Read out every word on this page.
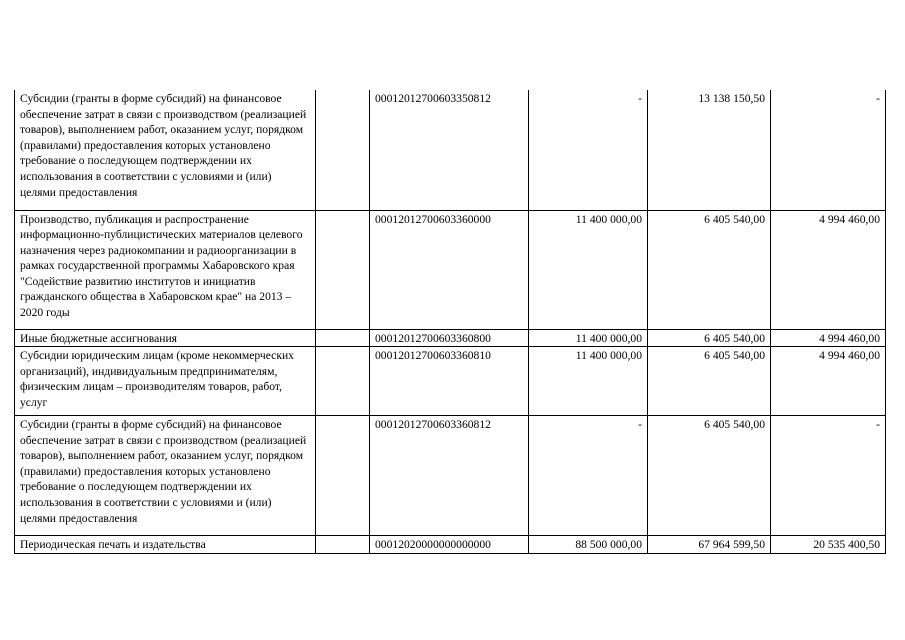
Субсидии (гранты в форме субсидий) на финансовое обеспечение затрат в связи с производством (реализацией товаров), выполнением работ, оказанием услуг, порядком (правилами) предоставления которых установлено требование о последующем подтверждении их использования в соответствии с условиями и (или) целями предоставления		00012012700603350812	-	13 138 150,50	-
Производство, публикация и распространение информационно-публицистических материалов целевого назначения через радиокомпании и радиоорганизации в рамках государственной программы Хабаровского края "Содействие развитию институтов и инициатив гражданского общества в Хабаровском крае" на 2013 – 2020 годы		00012012700603360000	11 400 000,00	6 405 540,00	4 994 460,00
Иные бюджетные ассигнования		00012012700603360800	11 400 000,00	6 405 540,00	4 994 460,00
Субсидии юридическим лицам (кроме некоммерческих организаций), индивидуальным предпринимателям, физическим лицам – производителям товаров, работ, услуг		00012012700603360810	11 400 000,00	6 405 540,00	4 994 460,00
Субсидии (гранты в форме субсидий) на финансовое обеспечение затрат в связи с производством (реализацией товаров), выполнением работ, оказанием услуг, порядком (правилами) предоставления которых установлено требование о последующем подтверждении их использования в соответствии с условиями и (или) целями предоставления		00012012700603360812	-	6 405 540,00	-
Периодическая печать и издательства		00012020000000000000	88 500 000,00	67 964 599,50	20 535 400,50
